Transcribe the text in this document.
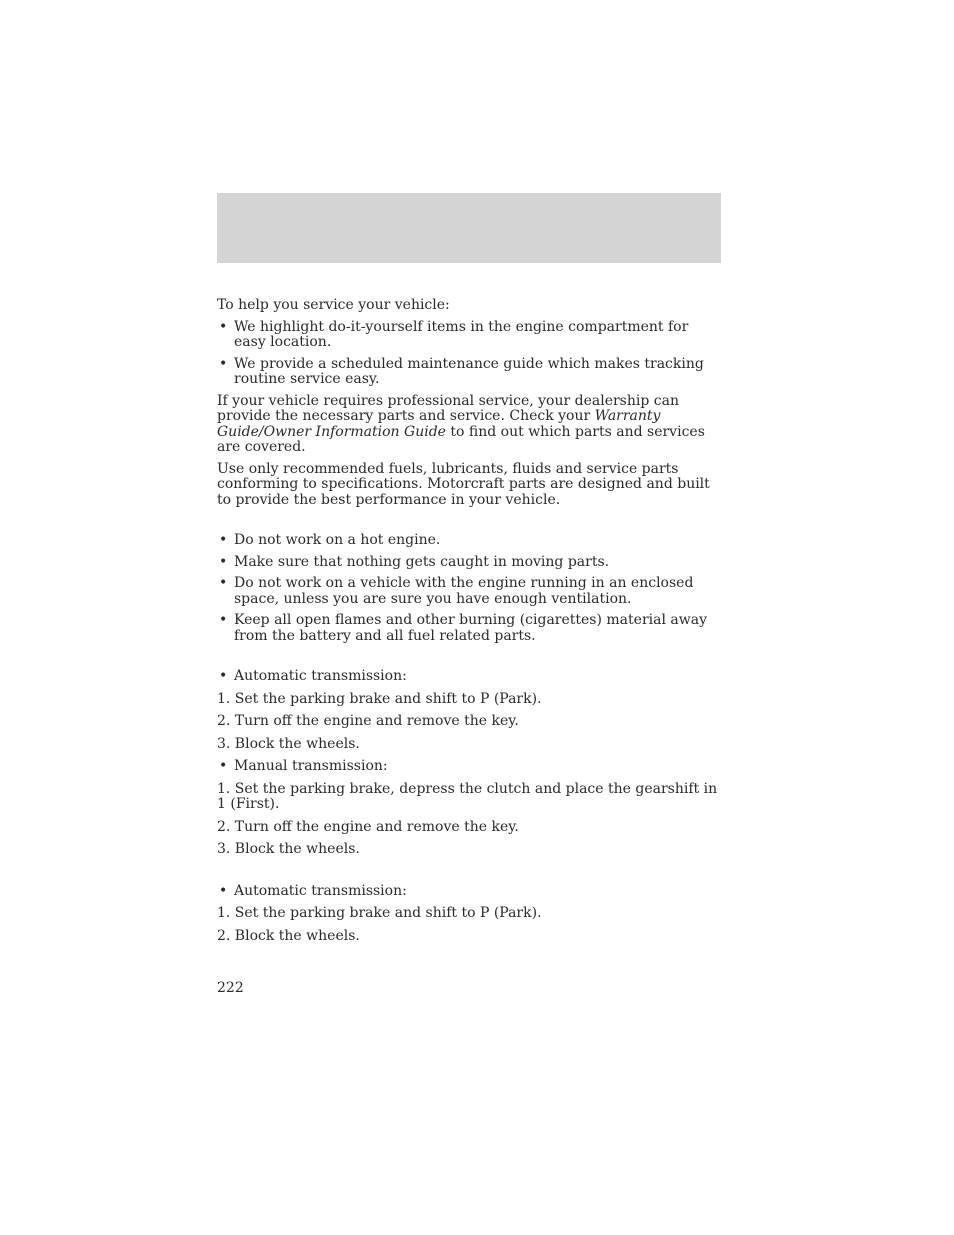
To help you service your vehicle:

• We highlight do-it-yourself items in the engine compartment for easy location.
• We provide a scheduled maintenance guide which makes tracking routine service easy.

If your vehicle requires professional service, your dealership can provide the necessary parts and service. Check your Warranty Guide/Owner Information Guide to find out which parts and services are covered.

Use only recommended fuels, lubricants, fluids and service parts conforming to specifications. Motorcraft parts are designed and built to provide the best performance in your vehicle.

• Do not work on a hot engine.
• Make sure that nothing gets caught in moving parts.
• Do not work on a vehicle with the engine running in an enclosed space, unless you are sure you have enough ventilation.
• Keep all open flames and other burning (cigarettes) material away from the battery and all fuel related parts.
• Automatic transmission:

1. Set the parking brake and shift to P (Park).

2. Turn off the engine and remove the key.

3. Block the wheels.

• Manual transmission:

1. Set the parking brake, depress the clutch and place the gearshift in 1 (First).

2. Turn off the engine and remove the key.

3. Block the wheels.

• Automatic transmission:

1. Set the parking brake and shift to P (Park).

2. Block the wheels.

222
